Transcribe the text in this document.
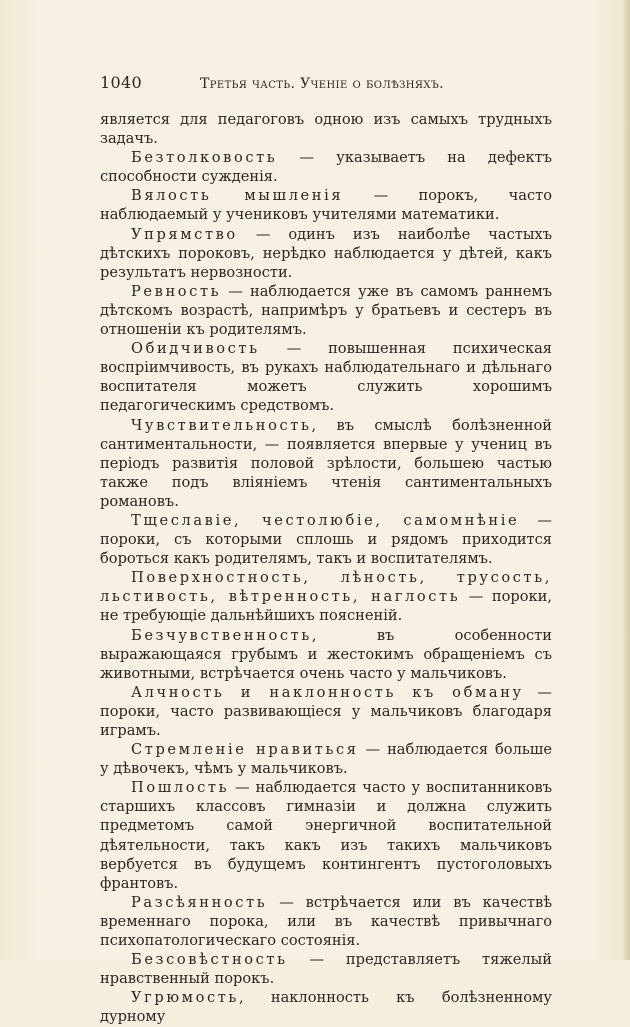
1040	Третья часть. Ученіе о болѣзняхъ.

является для педагоговъ одною изъ самыхъ трудныхъ задачъ.

Безтолковость — указываетъ на дефектъ способности сужденія.

Вялость мышленія — порокъ, часто наблюдаемый у учениковъ учителями математики.

Упрямство — одинъ изъ наиболѣе частыхъ дѣтскихъ пороковъ, нерѣдко наблюдается у дѣтей, какъ результатъ нервозности.

Ревность — наблюдается уже въ самомъ раннемъ дѣтскомъ возрастѣ, напримѣръ у братьевъ и сестеръ въ отношеніи къ родителямъ.

Обидчивость — повышенная психическая воспріимчивость, въ рукахъ наблюдательнаго и дѣльнаго воспитателя можетъ служить хорошимъ педагогическимъ средствомъ.

Чувствительность, въ смыслѣ болѣзненной сантиментальности, — появляется впервые у учениц въ періодъ развитія половой зрѣлости, большею частью также подъ вліяніемъ чтенія сантиментальныхъ романовъ.

Тщеславіе, честолюбіе, самомнѣніе — пороки, съ которыми сплошь и рядомъ приходится бороться какъ родителямъ, такъ и воспитателямъ.

Поверхностность, лѣность, трусость, льстивость, вѣтренность, наглость — пороки, не требующіе дальнѣйшихъ поясненій.

Безчувственность, въ особенности выражающаяся грубымъ и жестокимъ обращеніемъ съ животными, встрѣчается очень часто у мальчиковъ.

Алчность и наклонность къ обману — пороки, часто развивающіеся у мальчиковъ благодаря играмъ.

Стремленіе нравиться — наблюдается больше у дѣвочекъ, чѣмъ у мальчиковъ.

Пошлость — наблюдается часто у воспитанниковъ старшихъ классовъ гимназіи и должна служить предметомъ самой энергичной воспитательной дѣятельности, такъ какъ изъ такихъ мальчиковъ вербуется въ будущемъ контингентъ пустоголовыхъ франтовъ.

Разсѣянность — встрѣчается или въ качествѣ временнаго порока, или въ качествѣ привычнаго психопатологическаго состоянія.

Безсовѣстность — представляетъ тяжелый нравственный порокъ.

Угрюмость, наклонность къ болѣзненному дурному
